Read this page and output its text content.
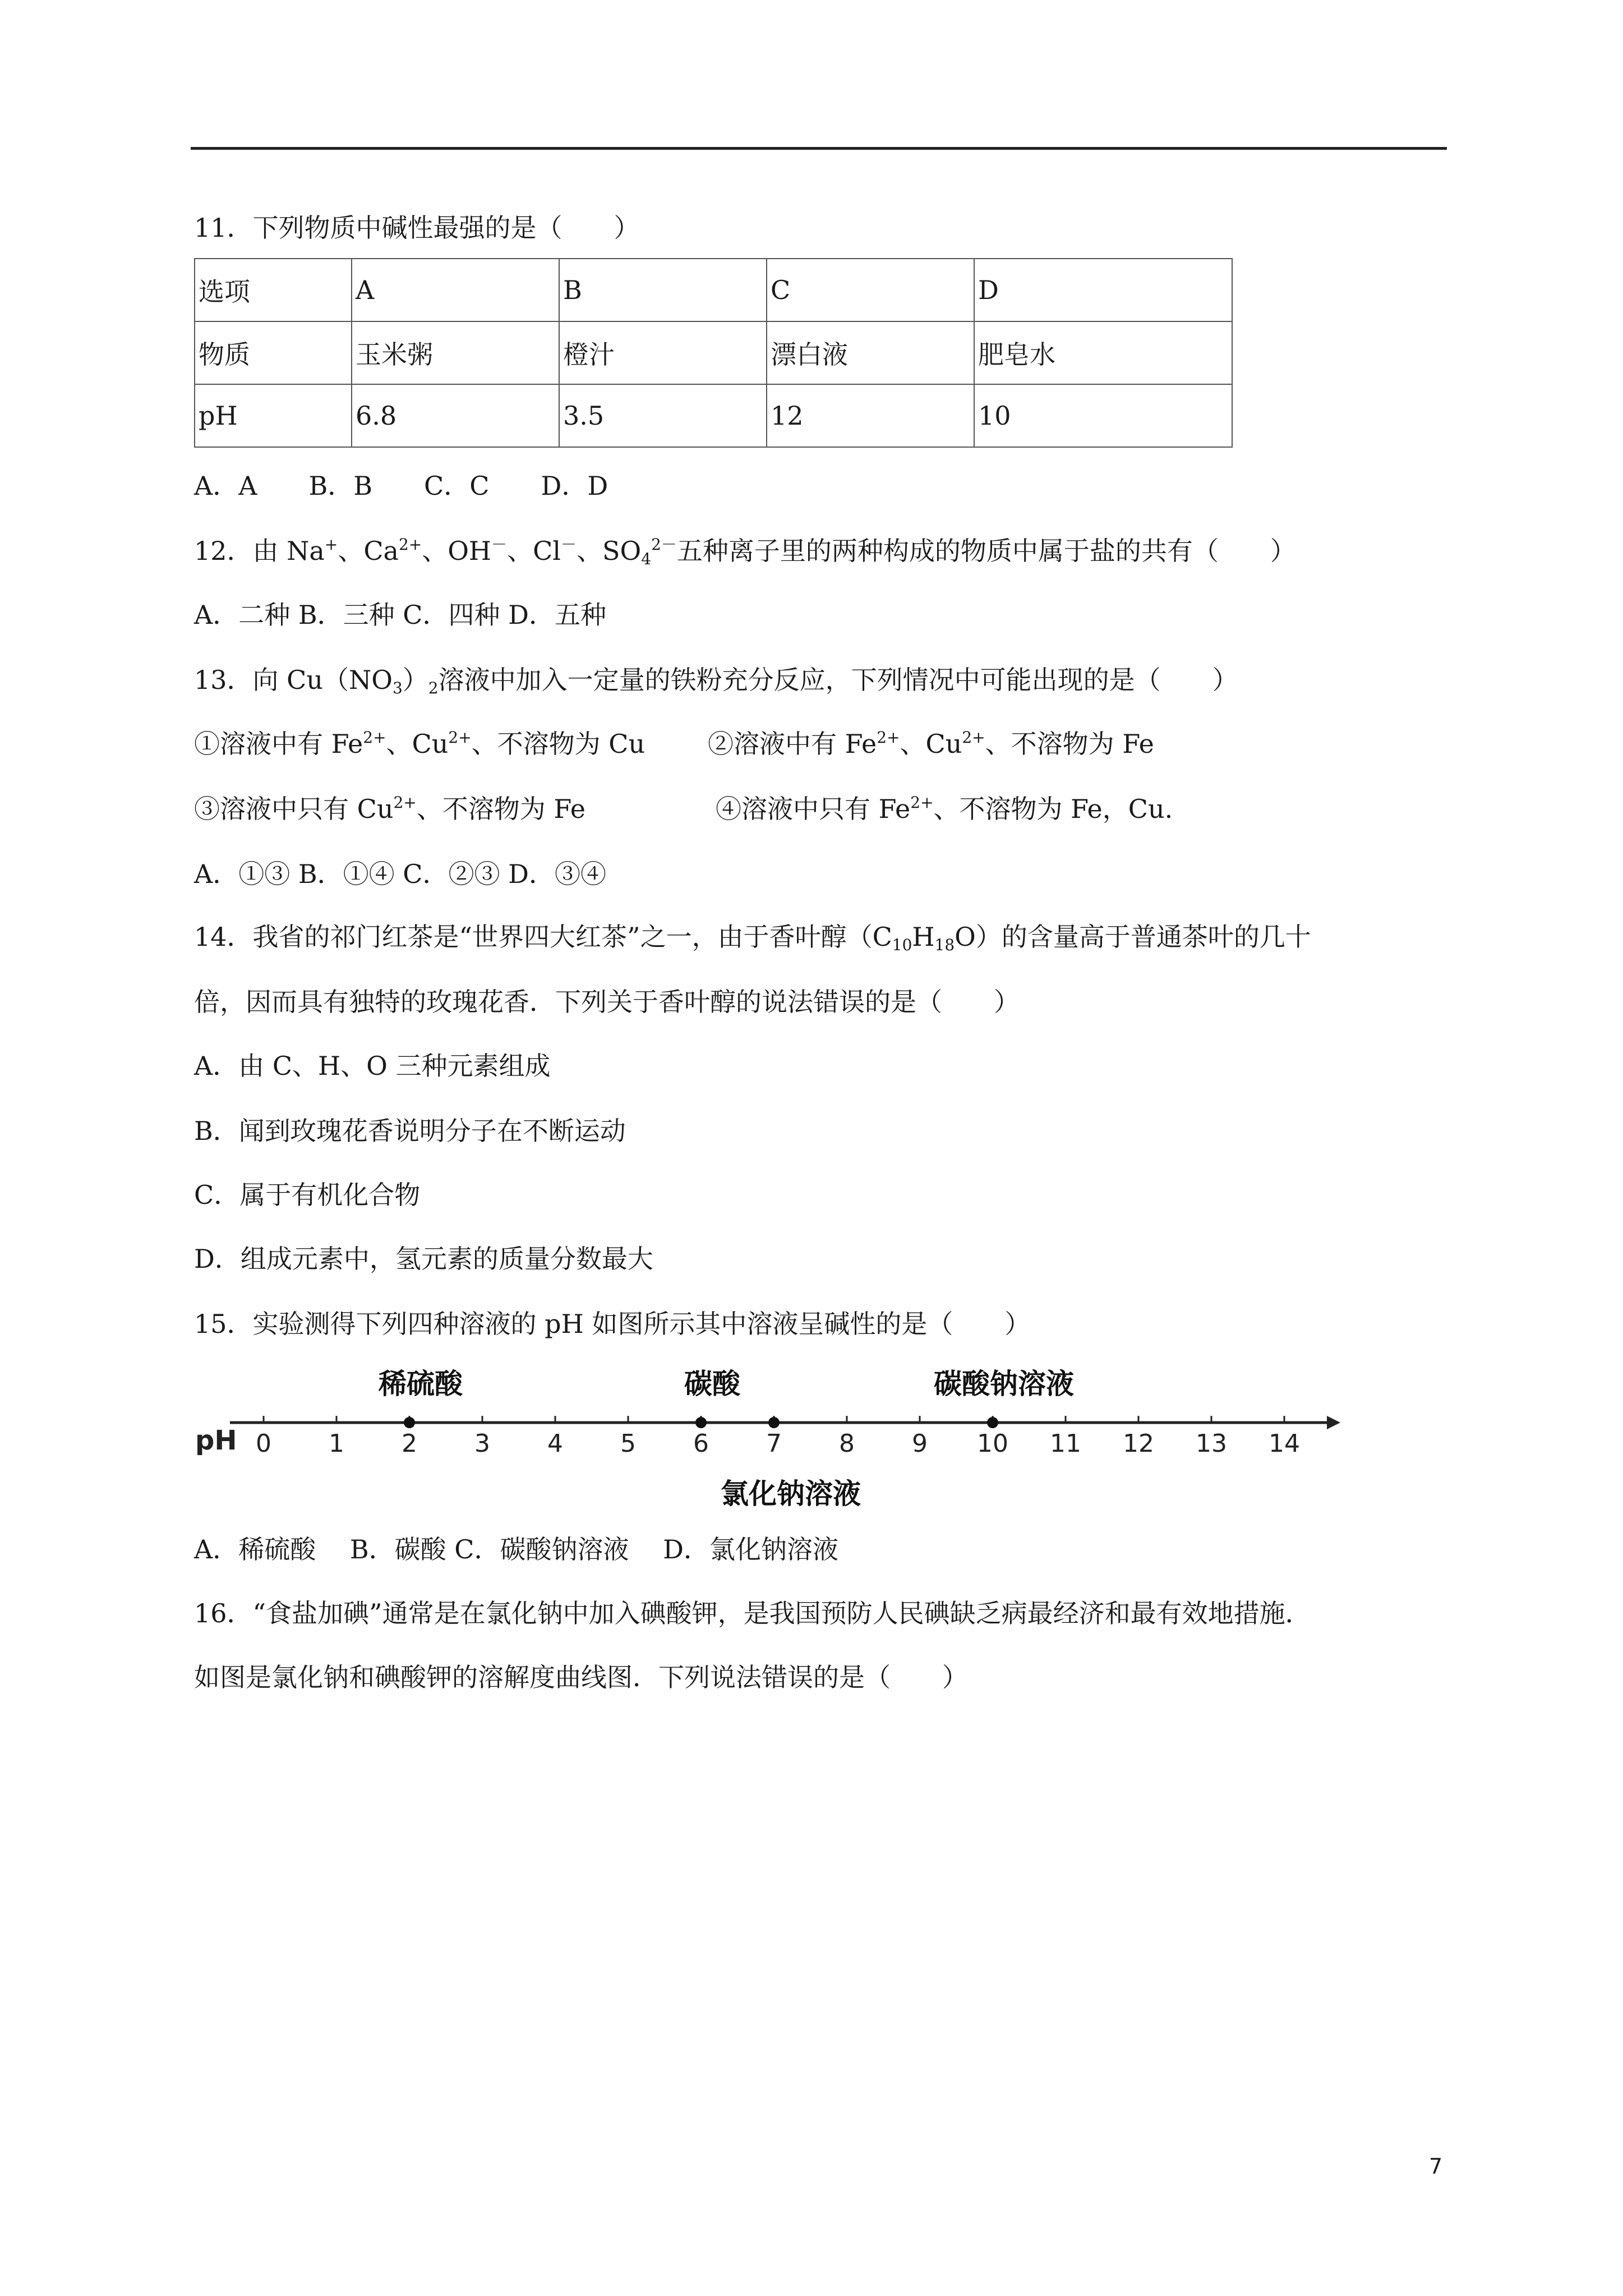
11．下列物质中碱性最强的是（　　）
选项	A	B	C	D
物质	玉米粥	橙汁	漂白液	肥皂水
pH	6.8	3.5	12	10
A．A　　B．B　　C．C　　D．D
12．由 Na+、$Ca^{2+}$、OH－、Cl－、$SO_4^{2-}$五种离子里的两种构成的物质中属于盐的共有（　　）
A．二种 B．三种 C．四种 D．五种
13．向 $Cu(NO_3)_2$溶液中加入一定量的铁粉充分反应，下列情况中可能出现的是（　　）
①溶液中有 $Fe^{2+}$、$Cu^{2+}$、不溶物为 Cu ②溶液中有 $Fe^{2+}$、$Cu^{2+}$、不溶物为 Fe
③溶液中只有 $Cu^{2+}$、不溶物为 Fe	④溶液中只有 $Fe^{2+}$、不溶物为 Fe，Cu.
A．①③ B．①④ C．②③ D．③④
14．我省的祁门红茶是“世界四大红茶”之一，由于香叶醇$(C_{10}H_{18}O)$的含量高于普通茶叶的几十
倍，因而具有独特的玫瑰花香．下列关于香叶醇的说法错误的是（　　）
A．由 C、H、O 三种元素组成
B．闻到玫瑰花香说明分子在不断运动
C．属于有机化合物
D．组成元素中，氢元素的质量分数最大
15．实验测得下列四种溶液的 pH 如图所示其中溶液呈碱性的是（　　）
pH 0 1 2 3 4 5 6 7 8 9 10 11 12 13 14
稀硫酸	碳酸
氯化钠溶液
碳酸钠溶液
A．稀硫酸　 B．碳酸 C．碳酸钠溶液　 D．氯化钠溶液
16．“食盐加碘”通常是在氯化钠中加入碘酸钾，是我国预防人民碘缺乏病最经济和最有效地措施．
如图是氯化钠和碘酸钾的溶解度曲线图．下列说法错误的是（　　）
7
